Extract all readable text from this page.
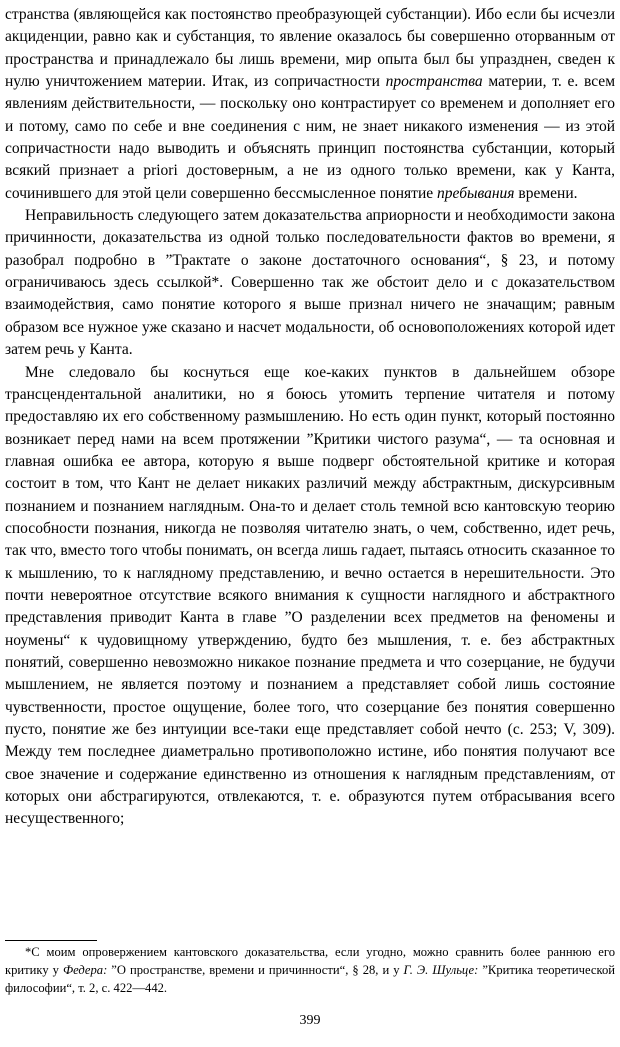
странства (являющейся как постоянство преобразующей субстанции). Ибо если бы исчезли акциденции, равно как и субстанция, то явление оказалось бы совершенно оторванным от пространства и принадлежало бы лишь времени, мир опыта был бы упразднен, сведен к нулю уничтожением материи. Итак, из сопричастности пространства материи, т. е. всем явлениям действительности, — поскольку оно контрастирует со временем и дополняет его и потому, само по себе и вне соединения с ним, не знает никакого изменения — из этой сопричастности надо выводить и объяснять принцип постоянства субстанции, который всякий признает a priori достоверным, а не из одного только времени, как у Канта, сочинившего для этой цели совершенно бессмысленное понятие пребывания времени.

Неправильность следующего затем доказательства априорности и необходимости закона причинности, доказательства из одной только последовательности фактов во времени, я разобрал подробно в ”Трактате о законе достаточного основания“, § 23, и потому ограничиваюсь здесь ссылкой*. Совершенно так же обстоит дело и с доказательством взаимодействия, само понятие которого я выше признал ничего не значащим; равным образом все нужное уже сказано и насчет модальности, об основоположениях которой идет затем речь у Канта.

Мне следовало бы коснуться еще кое-каких пунктов в дальнейшем обзоре трансцендентальной аналитики, но я боюсь утомить терпение читателя и потому предоставляю их его собственному размышлению. Но есть один пункт, который постоянно возникает перед нами на всем протяжении ”Критики чистого разума“, — та основная и главная ошибка ее автора, которую я выше подверг обстоятельной критике и которая состоит в том, что Кант не делает никаких различий между абстрактным, дискурсивным познанием и познанием наглядным. Она-то и делает столь темной всю кантовскую теорию способности познания, никогда не позволяя читателю знать, о чем, собственно, идет речь, так что, вместо того чтобы понимать, он всегда лишь гадает, пытаясь относить сказанное то к мышлению, то к наглядному представлению, и вечно остается в нерешительности. Это почти невероятное отсутствие всякого внимания к сущности наглядного и абстрактного представления приводит Канта в главе ”О разделении всех предметов на феномены и ноумены“ к чудовищному утверждению, будто без мышления, т. е. без абстрактных понятий, совершенно невозможно никакое познание предмета и что созерцание, не будучи мышлением, не является поэтому и познанием а представляет собой лишь состояние чувственности, простое ощущение, более того, что созерцание без понятия совершенно пусто, понятие же без интуиции все-таки еще представляет собой нечто (с. 253; V, 309). Между тем последнее диаметрально противоположно истине, ибо понятия получают все свое значение и содержание единственно из отношения к наглядным представлениям, от которых они абстрагируются, отвлекаются, т. е. образуются путем отбрасывания всего несущественного;

*С моим опровержением кантовского доказательства, если угодно, можно сравнить более раннюю его критику у Федера: ”О пространстве, времени и причинности“, § 28, и у Г. Э. Шульце: ”Критика теоретической философии“, т. 2, с. 422—442.

399
